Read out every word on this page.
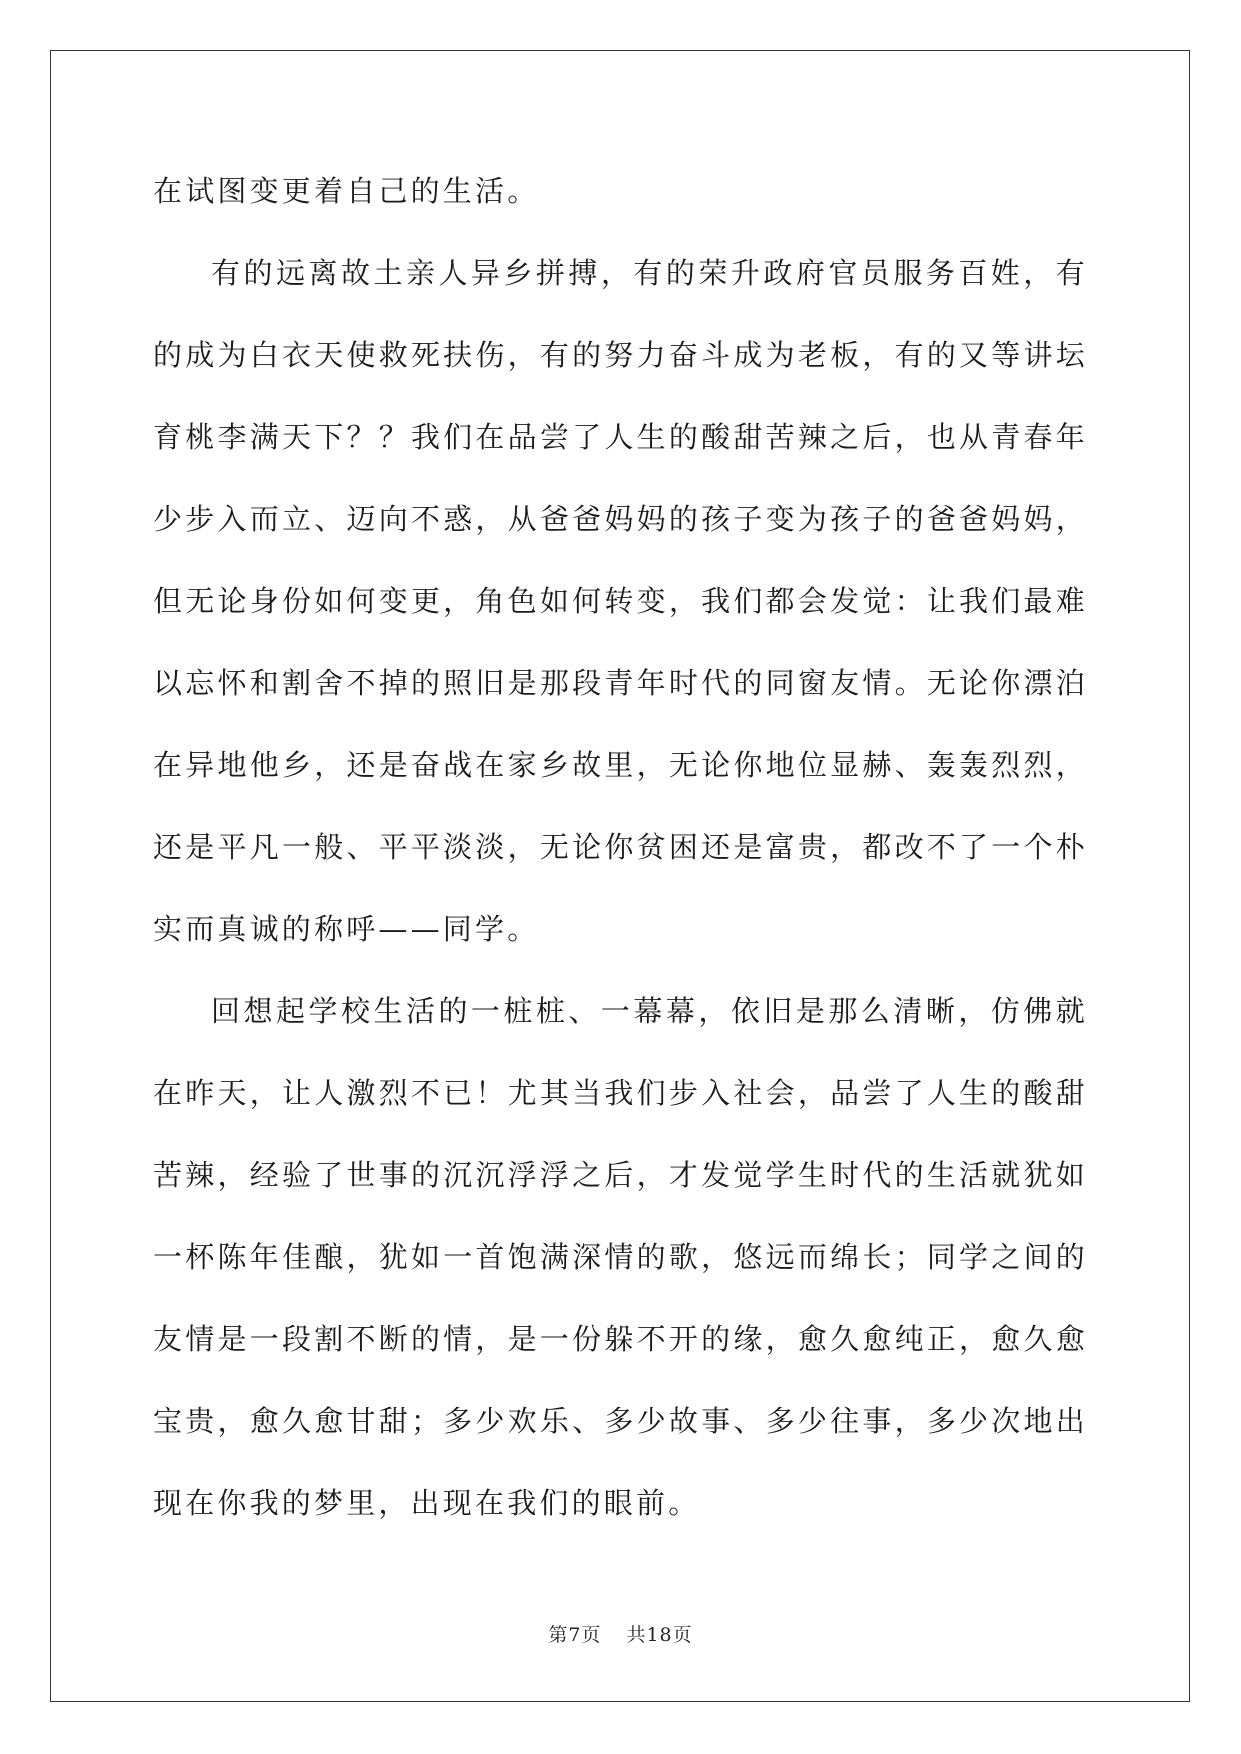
在试图变更着自己的生活。

有的远离故土亲人异乡拼搏，有的荣升政府官员服务百姓，有的成为白衣天使救死扶伤，有的努力奋斗成为老板，有的又等讲坛育桃李满天下？？我们在品尝了人生的酸甜苦辣之后，也从青春年少步入而立、迈向不惑，从爸爸妈妈的孩子变为孩子的爸爸妈妈，但无论身份如何变更，角色如何转变，我们都会发觉：让我们最难以忘怀和割舍不掉的照旧是那段青年时代的同窗友情。无论你漂泊在异地他乡，还是奋战在家乡故里，无论你地位显赫、轰轰烈烈，还是平凡一般、平平淡淡，无论你贫困还是富贵，都改不了一个朴实而真诚的称呼——同学。

回想起学校生活的一桩桩、一幕幕，依旧是那么清晰，仿佛就在昨天，让人激烈不已！尤其当我们步入社会，品尝了人生的酸甜苦辣，经验了世事的沉沉浮浮之后，才发觉学生时代的生活就犹如一杯陈年佳酿，犹如一首饱满深情的歌，悠远而绵长；同学之间的友情是一段割不断的情，是一份躲不开的缘，愈久愈纯正，愈久愈宝贵，愈久愈甘甜；多少欢乐、多少故事、多少往事，多少次地出现在你我的梦里，出现在我们的眼前。

第7页 共18页
